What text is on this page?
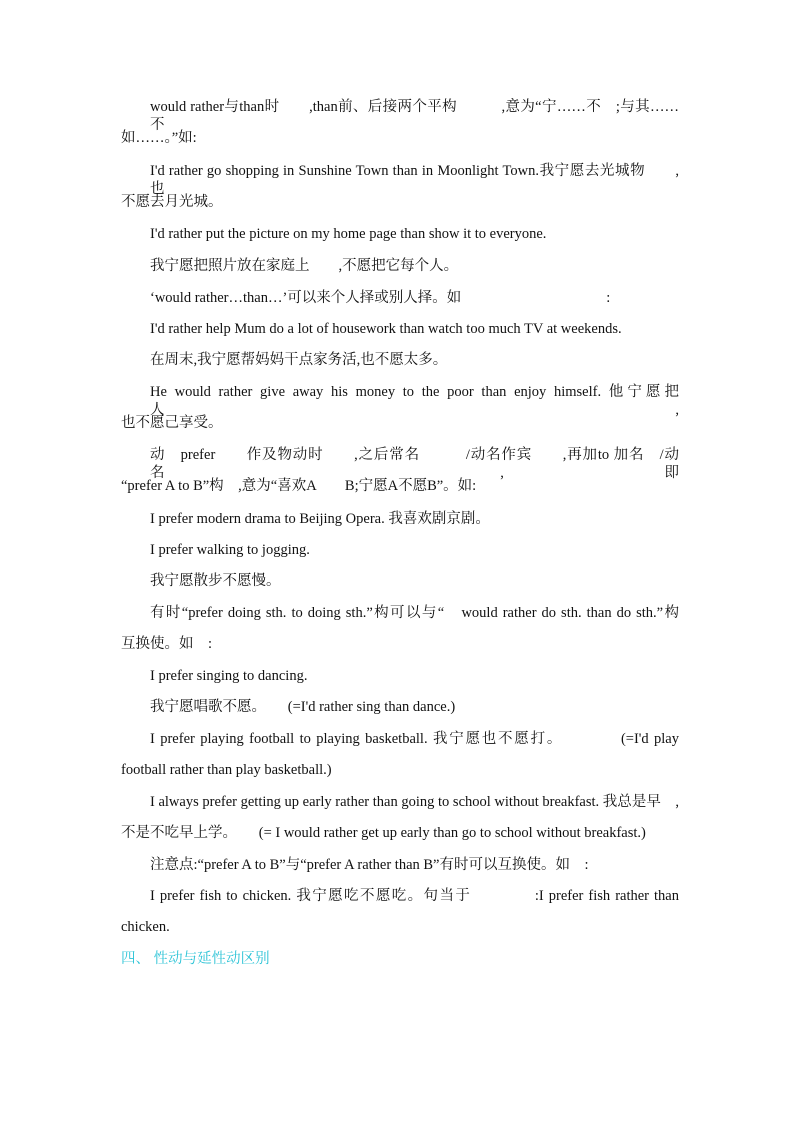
would rather与than时　　,than前、后接两个平构　　　,意为“宁……不　;与其……不
如……。”如:
I'd rather go shopping in Sunshine Town than in Moonlight Town.我宁愿去光城物　　,也
不愿去月光城。
I'd rather put the picture on my home page than show it to everyone.
我宁愿把照片放在家庭上　　,不愿把它每个人。
‘would rather…than…’可以来个人择或别人择。如　　　　　　　　　　:
I'd rather help Mum do a lot of housework than watch too much TV at weekends.
在周末,我宁愿帮妈妈干点家务活,也不愿太多。
He would rather give away his money to the poor than enjoy himself. 他宁愿把人　　　　　,
也不愿己享受。
动　prefer　　作及物动时　　,之后常名　　　/动名作宾　　,再加to 加名　/动名　,即
“prefer A to B”构　,意为“喜欢A　　B;宁愿A不愿B”。如:
I prefer modern drama to Beijing Opera. 我喜欢剧京剧。
I prefer walking to jogging.
我宁愿散步不愿慢。
有时“prefer doing sth. to doing sth.”构可以与“　would rather do sth. than do sth.”构
互换使。如　:
I prefer singing to dancing.
我宁愿唱歌不愿。　　(=I'd rather sing than dance.)
I prefer playing football to playing basketball. 我宁愿也不愿打。　　　　(=I'd play
football rather than play basketball.)
I always prefer getting up early rather than going to school without breakfast. 我总是早　,
不是不吃早上学。　　(= I would rather get up early than go to school without breakfast.)
注意点:“prefer A to B”与“prefer A rather than B”有时可以互换使。如　:
I prefer fish to chicken. 我宁愿吃不愿吃。句当于　　　　:I prefer fish rather than
chicken.
四、 性动与延性动区别
